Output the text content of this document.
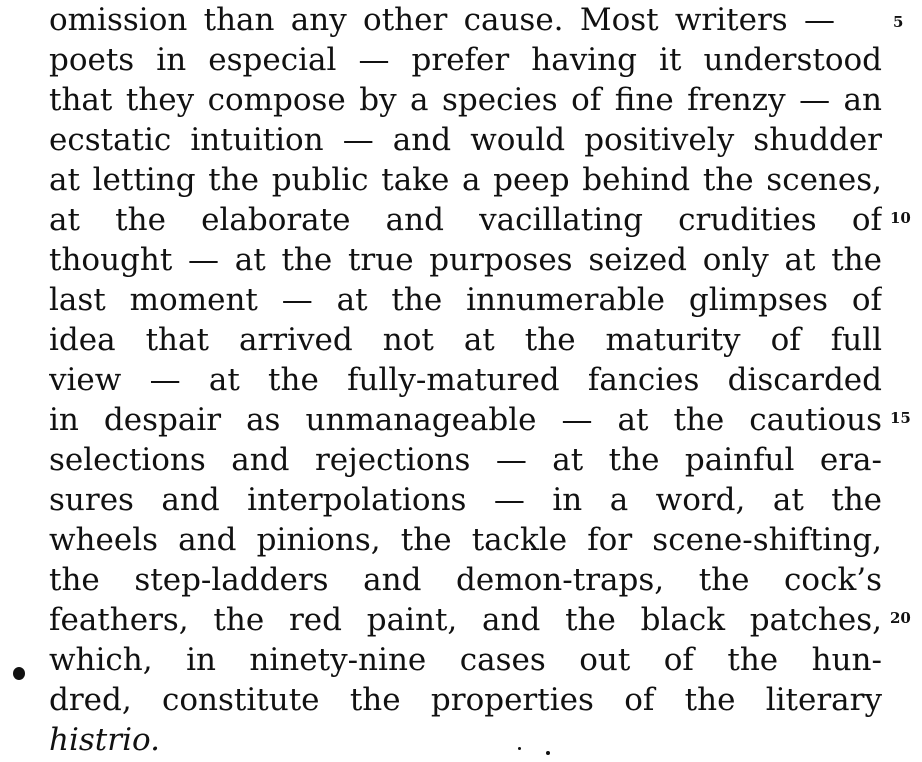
omission than any other cause. Most writers —
poets in especial — prefer having it understood
that they compose by a species of fine frenzy — an
ecstatic intuition — and would positively shudder
at letting the public take a peep behind the scenes,
at the elaborate and vacillating crudities of
thought — at the true purposes seized only at the
last moment — at the innumerable glimpses of
idea that arrived not at the maturity of full
view — at the fully-matured fancies discarded
in despair as unmanageable — at the cautious
selections and rejections — at the painful era-
sures and interpolations — in a word, at the
wheels and pinions, the tackle for scene-shifting,
the step-ladders and demon-traps, the cock’s
feathers, the red paint, and the black patches,
which, in ninety-nine cases out of the hun-
dred, constitute the properties of the literary
histrio.
5
10
15
20
